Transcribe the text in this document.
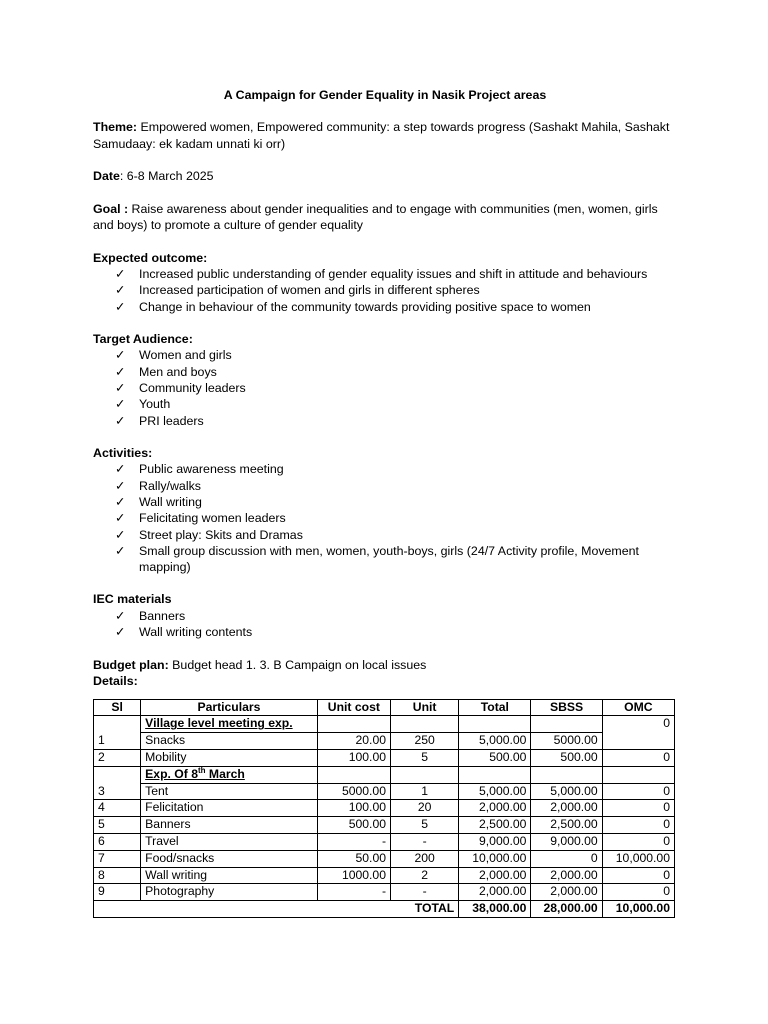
A Campaign for Gender Equality in Nasik Project areas
Theme: Empowered women, Empowered community: a step towards progress (Sashakt Mahila, Sashakt Samudaay: ek kadam unnati ki orr)
Date: 6-8 March 2025
Goal : Raise awareness about gender inequalities and to engage with communities (men, women, girls and boys) to promote a culture of gender equality
Expected outcome:
✓ Increased public understanding of gender equality issues and shift in attitude and behaviours
✓ Increased participation of women and girls in different spheres
✓ Change in behaviour of the community towards providing positive space to women
Target Audience:
✓ Women and girls
✓ Men and boys
✓ Community leaders
✓ Youth
✓ PRI leaders
Activities:
✓ Public awareness meeting
✓ Rally/walks
✓ Wall writing
✓ Felicitating women leaders
✓ Street play: Skits and Dramas
✓ Small group discussion with men, women, youth-boys, girls (24/7 Activity profile, Movement mapping)
IEC materials
✓ Banners
✓ Wall writing contents
Budget plan: Budget head 1. 3. B Campaign on local issues
Details:
Sl	Particulars	Unit cost	Unit	Total	SBSS	OMC
1	Village level meeting exp.					0
	Snacks	20.00	250	5,000.00	5000.00	
2	Mobility	100.00	5	500.00	500.00	0
3	Exp. Of 8th March					
	Tent	5000.00	1	5,000.00	5,000.00	0
4	Felicitation	100.00	20	2,000.00	2,000.00	0
5	Banners	500.00	5	2,500.00	2,500.00	0
6	Travel	-	-	9,000.00	9,000.00	0
7	Food/snacks	50.00	200	10,000.00	0	10,000.00
8	Wall writing	1000.00	2	2,000.00	2,000.00	0
9	Photography	-	-	2,000.00	2,000.00	0
TOTAL				38,000.00	28,000.00	10,000.00
